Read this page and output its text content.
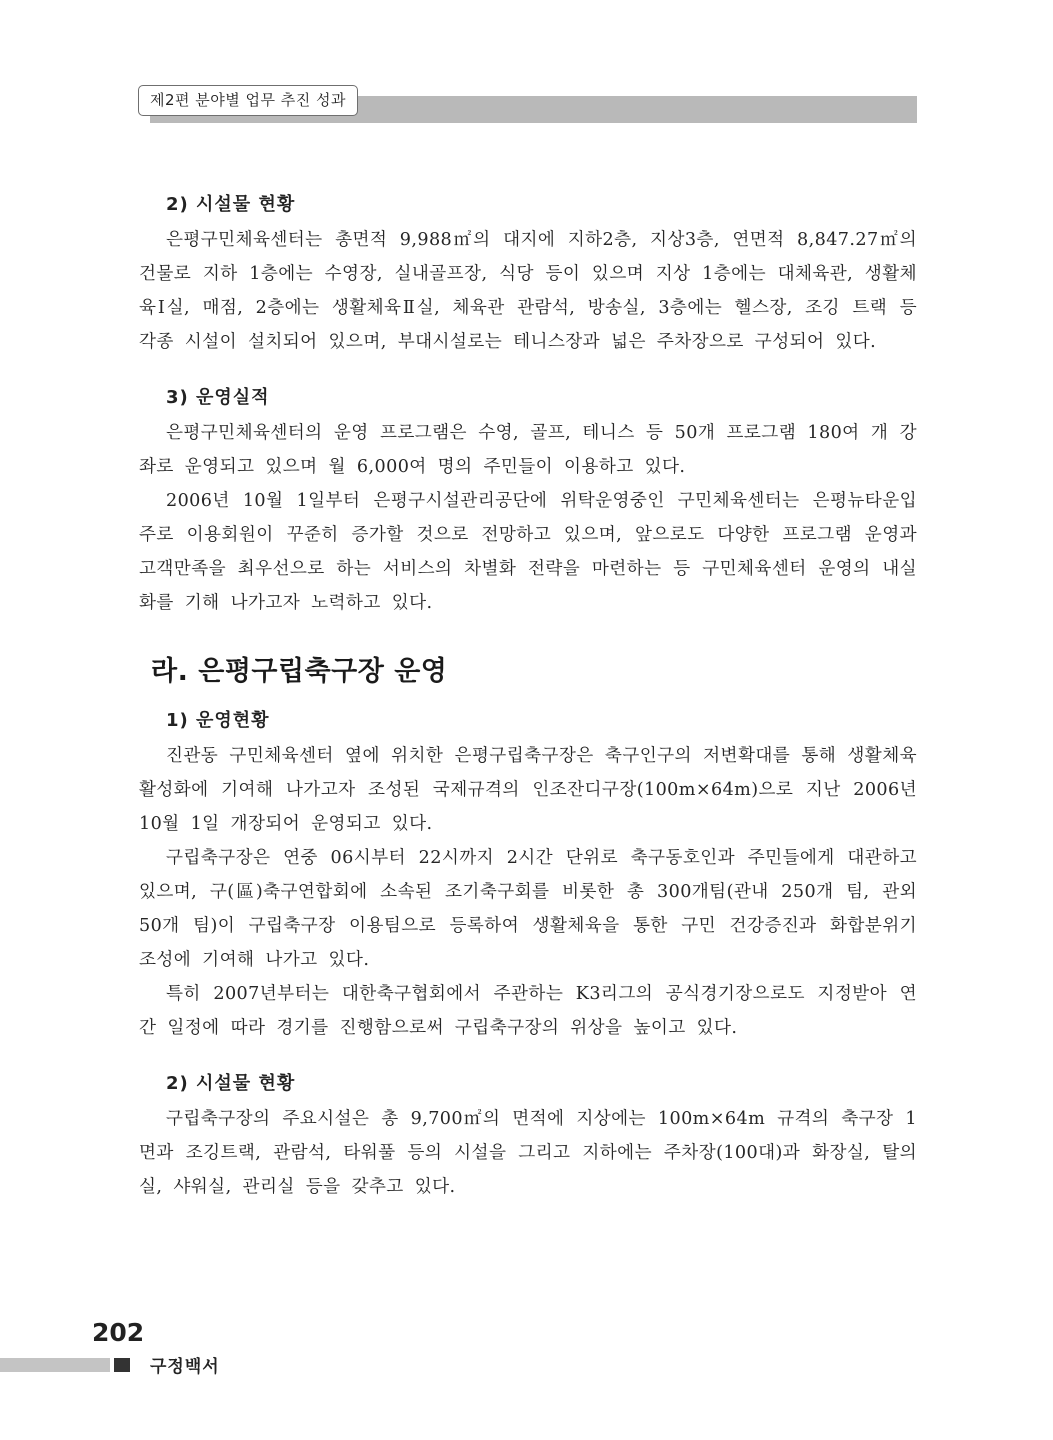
제2편 분야별 업무 추진 성과
2) 시설물 현황

은평구민체육센터는 총면적 9,988㎡의 대지에 지하2층, 지상3층, 연면적 8,847.27㎡의 건물로 지하 1층에는 수영장, 실내골프장, 식당 등이 있으며 지상 1층에는 대체육관, 생활체육Ⅰ실, 매점, 2층에는 생활체육Ⅱ실, 체육관 관람석, 방송실, 3층에는 헬스장, 조깅 트랙 등 각종 시설이 설치되어 있으며, 부대시설로는 테니스장과 넓은 주차장으로 구성되어 있다.

3) 운영실적

은평구민체육센터의 운영 프로그램은 수영, 골프, 테니스 등 50개 프로그램 180여 개 강좌로 운영되고 있으며 월 6,000여 명의 주민들이 이용하고 있다.

2006년 10월 1일부터 은평구시설관리공단에 위탁운영중인 구민체육센터는 은평뉴타운입주로 이용회원이 꾸준히 증가할 것으로 전망하고 있으며, 앞으로도 다양한 프로그램 운영과 고객만족을 최우선으로 하는 서비스의 차별화 전략을 마련하는 등 구민체육센터 운영의 내실화를 기해 나가고자 노력하고 있다.

라. 은평구립축구장 운영
1) 운영현황

진관동 구민체육센터 옆에 위치한 은평구립축구장은 축구인구의 저변확대를 통해 생활체육 활성화에 기여해 나가고자 조성된 국제규격의 인조잔디구장(100m×64m)으로 지난 2006년 10월 1일 개장되어 운영되고 있다.

구립축구장은 연중 06시부터 22시까지 2시간 단위로 축구동호인과 주민들에게 대관하고 있으며, 구(區)축구연합회에 소속된 조기축구회를 비롯한 총 300개팀(관내 250개 팀, 관외 50개 팀)이 구립축구장 이용팀으로 등록하여 생활체육을 통한 구민 건강증진과 화합분위기 조성에 기여해 나가고 있다.

특히 2007년부터는 대한축구협회에서 주관하는 K3리그의 공식경기장으로도 지정받아 연간 일정에 따라 경기를 진행함으로써 구립축구장의 위상을 높이고 있다.

2) 시설물 현황

구립축구장의 주요시설은 총 9,700㎡의 면적에 지상에는 100m×64m 규격의 축구장 1면과 조깅트랙, 관람석, 타워풀 등의 시설을 그리고 지하에는 주차장(100대)과 화장실, 탈의실, 샤워실, 관리실 등을 갖추고 있다.

202
구정백서
